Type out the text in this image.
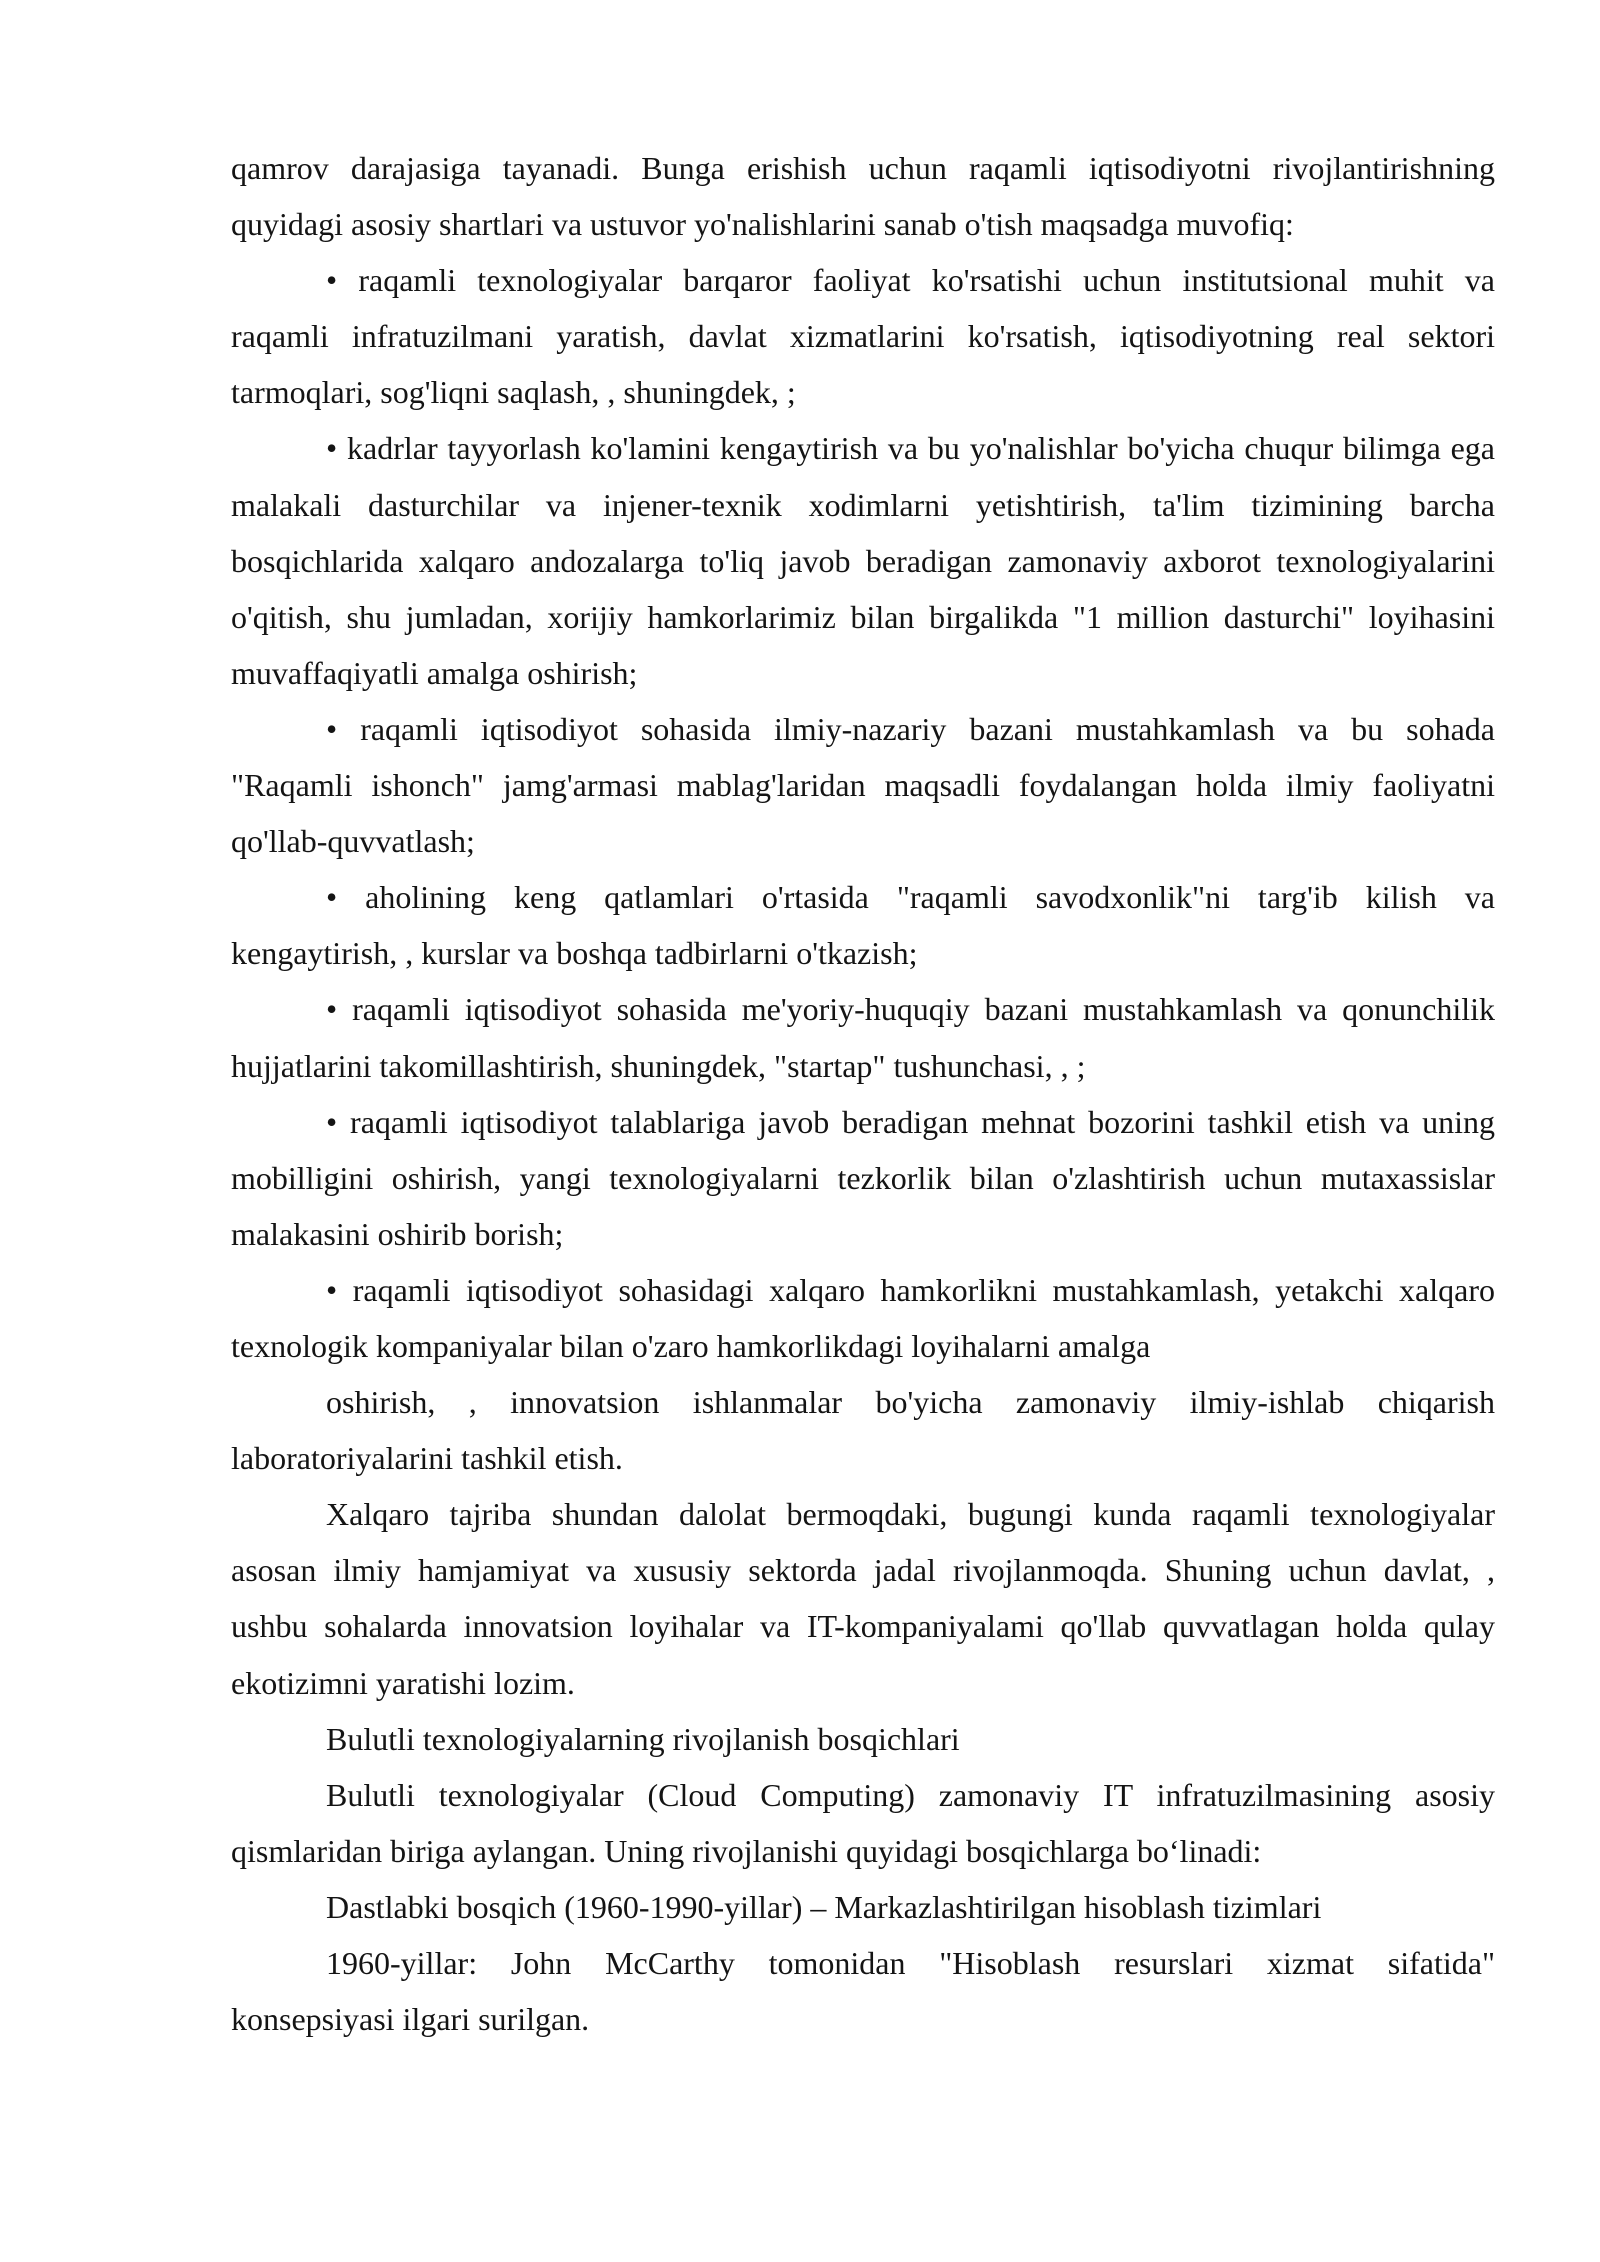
qamrov darajasiga tayanadi. Bunga erishish uchun raqamli iqtisodiyotni rivojlantirishning
quyidagi asosiy shartlari va ustuvor yo'nalishlarini sanab o'tish maqsadga muvofiq:
• raqamli texnologiyalar barqaror faoliyat ko'rsatishi uchun institutsional muhit va
raqamli infratuzilmani yaratish, davlat xizmatlarini ko'rsatish, iqtisodiyotning real sektori
tarmoqlari, sog'liqni saqlash, , shuningdek, ;
• kadrlar tayyorlash ko'lamini kengaytirish va bu yo'nalishlar bo'yicha chuqur bilimga ega
malakali dasturchilar va injener-texnik xodimlarni yetishtirish, ta'lim tizimining barcha
bosqichlarida xalqaro andozalarga to'liq javob beradigan zamonaviy axborot texnologiyalarini
o'qitish, shu jumladan, xorijiy hamkorlarimiz bilan birgalikda "1 million dasturchi" loyihasini
muvaffaqiyatli amalga oshirish;
• raqamli iqtisodiyot sohasida ilmiy-nazariy bazani mustahkamlash va bu sohada
"Raqamli ishonch" jamg'armasi mablag'laridan maqsadli foydalangan holda ilmiy faoliyatni
qo'llab-quvvatlash;
• aholining keng qatlamlari o'rtasida "raqamli savodxonlik"ni targ'ib kilish va
kengaytirish, , kurslar va boshqa tadbirlarni o'tkazish;
• raqamli iqtisodiyot sohasida me'yoriy-huquqiy bazani mustahkamlash va qonunchilik
hujjatlarini takomillashtirish, shuningdek, "startap" tushunchasi, , ;
• raqamli iqtisodiyot talablariga javob beradigan mehnat bozorini tashkil etish va uning
mobilligini oshirish, yangi texnologiyalarni tezkorlik bilan o'zlashtirish uchun mutaxassislar
malakasini oshirib borish;
• raqamli iqtisodiyot sohasidagi xalqaro hamkorlikni mustahkamlash, yetakchi xalqaro
texnologik kompaniyalar bilan o'zaro hamkorlikdagi loyihalarni amalga
oshirish, , innovatsion ishlanmalar bo'yicha zamonaviy ilmiy-ishlab chiqarish
laboratoriyalarini tashkil etish.
Xalqaro tajriba shundan dalolat bermoqdaki, bugungi kunda raqamli texnologiyalar
asosan ilmiy hamjamiyat va xususiy sektorda jadal rivojlanmoqda. Shuning uchun davlat, ,
ushbu sohalarda innovatsion loyihalar va IT-kompaniyalami qo'llab quvvatlagan holda qulay
ekotizimni yaratishi lozim.
Bulutli texnologiyalarning rivojlanish bosqichlari
Bulutli texnologiyalar (Cloud Computing) zamonaviy IT infratuzilmasining asosiy
qismlaridan biriga aylangan. Uning rivojlanishi quyidagi bosqichlarga bo‘linadi:
Dastlabki bosqich (1960-1990-yillar) – Markazlashtirilgan hisoblash tizimlari
1960-yillar: John McCarthy tomonidan "Hisoblash resurslari xizmat sifatida"
konsepsiyasi ilgari surilgan.
